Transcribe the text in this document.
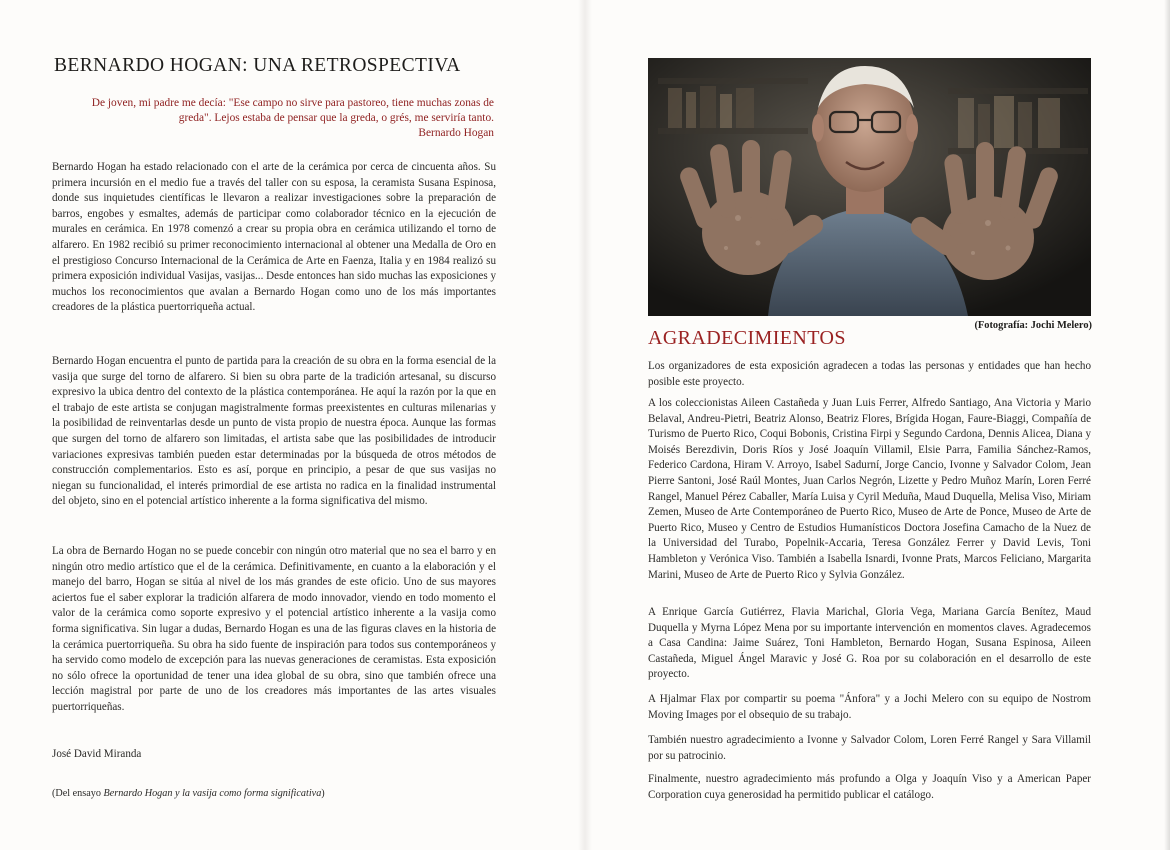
BERNARDO HOGAN: UNA RETROSPECTIVA
De joven, mi padre me decía: "Ese campo no sirve para pastoreo, tiene muchas zonas de greda". Lejos estaba de pensar que la greda, o grés, me serviría tanto.
Bernardo Hogan

Bernardo Hogan ha estado relacionado con el arte de la cerámica por cerca de cincuenta años. Su primera incursión en el medio fue a través del taller con su esposa, la ceramista Susana Espinosa, donde sus inquietudes científicas le llevaron a realizar investigaciones sobre la preparación de barros, engobes y esmaltes, además de participar como colaborador técnico en la ejecución de murales en cerámica. En 1978 comenzó a crear su propia obra en cerámica utilizando el torno de alfarero. En 1982 recibió su primer reconocimiento internacional al obtener una Medalla de Oro en el prestigioso Concurso Internacional de la Cerámica de Arte en Faenza, Italia y en 1984 realizó su primera exposición individual Vasijas, vasijas... Desde entonces han sido muchas las exposiciones y muchos los reconocimientos que avalan a Bernardo Hogan como uno de los más importantes creadores de la plástica puertorriqueña actual.

Bernardo Hogan encuentra el punto de partida para la creación de su obra en la forma esencial de la vasija que surge del torno de alfarero. Si bien su obra parte de la tradición artesanal, su discurso expresivo la ubica dentro del contexto de la plástica contemporánea. He aquí la razón por la que en el trabajo de este artista se conjugan magistralmente formas preexistentes en culturas milenarias y la posibilidad de reinventarlas desde un punto de vista propio de nuestra época. Aunque las formas que surgen del torno de alfarero son limitadas, el artista sabe que las posibilidades de introducir variaciones expresivas también pueden estar determinadas por la búsqueda de otros métodos de construcción complementarios. Esto es así, porque en principio, a pesar de que sus vasijas no niegan su funcionalidad, el interés primordial de ese artista no radica en la finalidad instrumental del objeto, sino en el potencial artístico inherente a la forma significativa del mismo.

La obra de Bernardo Hogan no se puede concebir con ningún otro material que no sea el barro y en ningún otro medio artístico que el de la cerámica. Definitivamente, en cuanto a la elaboración y el manejo del barro, Hogan se sitúa al nivel de los más grandes de este oficio. Uno de sus mayores aciertos fue el saber explorar la tradición alfarera de modo innovador, viendo en todo momento el valor de la cerámica como soporte expresivo y el potencial artístico inherente a la vasija como forma significativa. Sin lugar a dudas, Bernardo Hogan es una de las figuras claves en la historia de la cerámica puertorriqueña. Su obra ha sido fuente de inspiración para todos sus contemporáneos y ha servido como modelo de excepción para las nuevas generaciones de ceramistas. Esta exposición no sólo ofrece la oportunidad de tener una idea global de su obra, sino que también ofrece una lección magistral por parte de uno de los creadores más importantes de las artes visuales puertorriqueñas.

José David Miranda
(Del ensayo Bernardo Hogan y la vasija como forma significativa)
(Fotografía: Jochi Melero)
AGRADECIMIENTOS

Los organizadores de esta exposición agradecen a todas las personas y entidades que han hecho posible este proyecto.

A los coleccionistas Aileen Castañeda y Juan Luis Ferrer, Alfredo Santiago, Ana Victoria y Mario Belaval, Andreu-Pietri, Beatriz Alonso, Beatriz Flores, Brígida Hogan, Faure-Biaggi, Compañía de Turismo de Puerto Rico, Coqui Bobonis, Cristina Firpi y Segundo Cardona, Dennis Alicea, Diana y Moisés Berezdivin, Doris Ríos y José Joaquín Villamil, Elsie Parra, Familia Sánchez-Ramos, Federico Cardona, Hiram V. Arroyo, Isabel Sadurní, Jorge Cancio, Ivonne y Salvador Colom, Jean Pierre Santoni, José Raúl Montes, Juan Carlos Negrón, Lizette y Pedro Muñoz Marín, Loren Ferré Rangel, Manuel Pérez Caballer, María Luisa y Cyril Meduña, Maud Duquella, Melisa Viso, Miriam Zemen, Museo de Arte Contemporáneo de Puerto Rico, Museo de Arte de Ponce, Museo de Arte de Puerto Rico, Museo y Centro de Estudios Humanísticos Doctora Josefina Camacho de la Nuez de la Universidad del Turabo, Popelnik-Accaria, Teresa González Ferrer y David Levis, Toni Hambleton y Verónica Viso. También a Isabella Isnardi, Ivonne Prats, Marcos Feliciano, Margarita Marini, Museo de Arte de Puerto Rico y Sylvia González.

A Enrique García Gutiérrez, Flavia Marichal, Gloria Vega, Mariana García Benítez, Maud Duquella y Myrna López Mena por su importante intervención en momentos claves. Agradecemos a Casa Candina: Jaime Suárez, Toni Hambleton, Bernardo Hogan, Susana Espinosa, Aileen Castañeda, Miguel Ángel Maravic y José G. Roa por su colaboración en el desarrollo de este proyecto.

A Hjalmar Flax por compartir su poema "Ánfora" y a Jochi Melero con su equipo de Nostrom Moving Images por el obsequio de su trabajo.

También nuestro agradecimiento a Ivonne y Salvador Colom, Loren Ferré Rangel y Sara Villamil por su patrocinio.

Finalmente, nuestro agradecimiento más profundo a Olga y Joaquín Viso y a American Paper Corporation cuya generosidad ha permitido publicar el catálogo.
